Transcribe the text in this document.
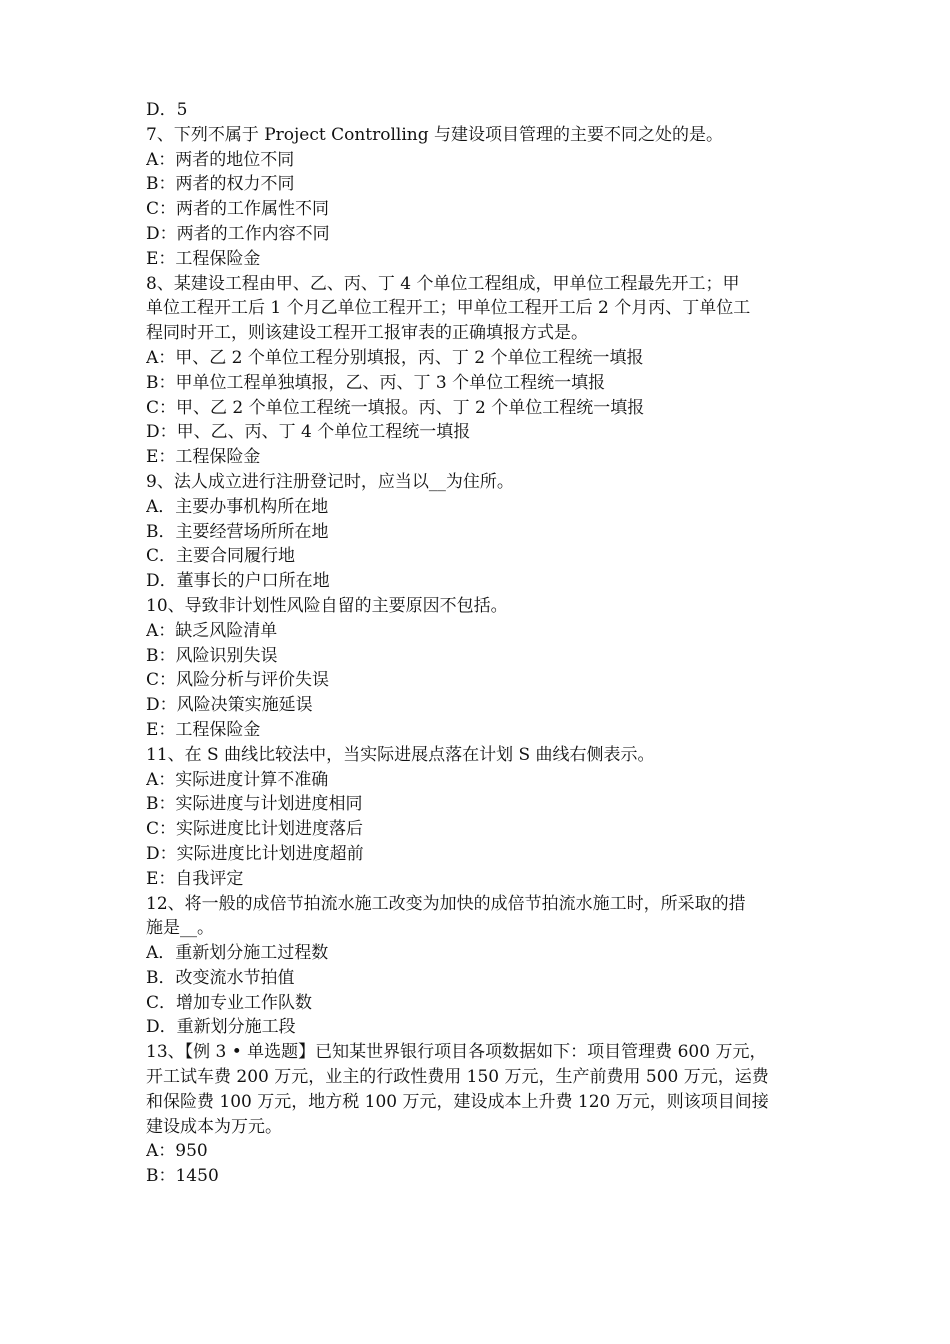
D．5
7、下列不属于 Project Controlling 与建设项目管理的主要不同之处的是。
A：两者的地位不同
B：两者的权力不同
C：两者的工作属性不同
D：两者的工作内容不同
E：工程保险金
8、某建设工程由甲、乙、丙、丁 4 个单位工程组成，甲单位工程最先开工；甲
单位工程开工后 1 个月乙单位工程开工；甲单位工程开工后 2 个月丙、丁单位工
程同时开工，则该建设工程开工报审表的正确填报方式是。
A：甲、乙 2 个单位工程分别填报，丙、丁 2 个单位工程统一填报
B：甲单位工程单独填报，乙、丙、丁 3 个单位工程统一填报
C：甲、乙 2 个单位工程统一填报。丙、丁 2 个单位工程统一填报
D：甲、乙、丙、丁 4 个单位工程统一填报
E：工程保险金
9、法人成立进行注册登记时，应当以__为住所。
A．主要办事机构所在地
B．主要经营场所所在地
C．主要合同履行地
D．董事长的户口所在地
10、导致非计划性风险自留的主要原因不包括。
A：缺乏风险清单
B：风险识别失误
C：风险分析与评价失误
D：风险决策实施延误
E：工程保险金
11、在 S 曲线比较法中，当实际进展点落在计划 S 曲线右侧表示。
A：实际进度计算不准确
B：实际进度与计划进度相同
C：实际进度比计划进度落后
D：实际进度比计划进度超前
E：自我评定
12、将一般的成倍节拍流水施工改变为加快的成倍节拍流水施工时，所采取的措
施是__。
A．重新划分施工过程数
B．改变流水节拍值
C．增加专业工作队数
D．重新划分施工段
13、【例 3 • 单选题】已知某世界银行项目各项数据如下：项目管理费 600 万元，
开工试车费 200 万元，业主的行政性费用 150 万元，生产前费用 500 万元，运费
和保险费 100 万元，地方税 100 万元，建设成本上升费 120 万元，则该项目间接
建设成本为万元。
A：950
B：1450
